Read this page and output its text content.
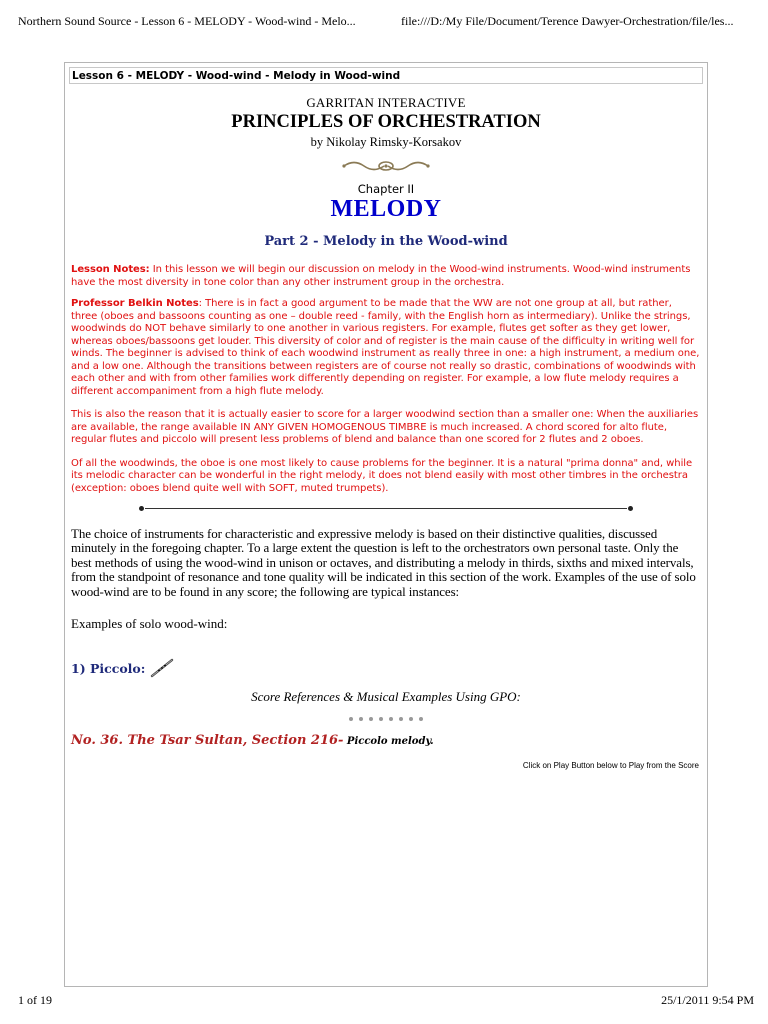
Northern Sound Source - Lesson 6 - MELODY - Wood-wind - Melo...	file:///D:/My File/Document/Terence Dawyer-Orchestration/file/les...
Lesson 6 - MELODY - Wood-wind - Melody in Wood-wind
GARRITAN INTERACTIVE
PRINCIPLES OF ORCHESTRATION
by Nikolay Rimsky-Korsakov
Chapter II
MELODY
Part 2 - Melody in the Wood-wind

Lesson Notes: In this lesson we will begin our discussion on melody in the Wood-wind instruments. Wood-wind instruments have the most diversity in tone color than any other instrument group in the orchestra.

Professor Belkin Notes: There is in fact a good argument to be made that the WW are not one group at all, but rather, three (oboes and bassoons counting as one – double reed - family, with the English horn as intermediary). Unlike the strings, woodwinds do NOT behave similarly to one another in various registers. For example, flutes get softer as they get lower, whereas oboes/bassoons get louder. This diversity of color and of register is the main cause of the difficulty in writing well for winds. The beginner is advised to think of each woodwind instrument as really three in one: a high instrument, a medium one, and a low one. Although the transitions between registers are of course not really so drastic, combinations of woodwinds with each other and with from other families work differently depending on register. For example, a low flute melody requires a different accompaniment from a high flute melody.

This is also the reason that it is actually easier to score for a larger woodwind section than a smaller one: When the auxiliaries are available, the range available IN ANY GIVEN HOMOGENOUS TIMBRE is much increased. A chord scored for alto flute, regular flutes and piccolo will present less problems of blend and balance than one scored for 2 flutes and 2 oboes.

Of all the woodwinds, the oboe is one most likely to cause problems for the beginner. It is a natural "prima donna" and, while its melodic character can be wonderful in the right melody, it does not blend easily with most other timbres in the orchestra (exception: oboes blend quite well with SOFT, muted trumpets).

The choice of instruments for characteristic and expressive melody is based on their distinctive qualities, discussed minutely in the foregoing chapter. To a large extent the question is left to the orchestrators own personal taste. Only the best methods of using the wood-wind in unison or octaves, and distributing a melody in thirds, sixths and mixed intervals, from the standpoint of resonance and tone quality will be indicated in this section of the work. Examples of the use of solo wood-wind are to be found in any score; the following are typical instances:

Examples of solo wood-wind:
1) Piccolo:
Score References & Musical Examples Using GPO:
No. 36. The Tsar Sultan, Section 216- Piccolo melody.
Click on Play Button below to Play from the Score
1 of 19	25/1/2011 9:54 PM
